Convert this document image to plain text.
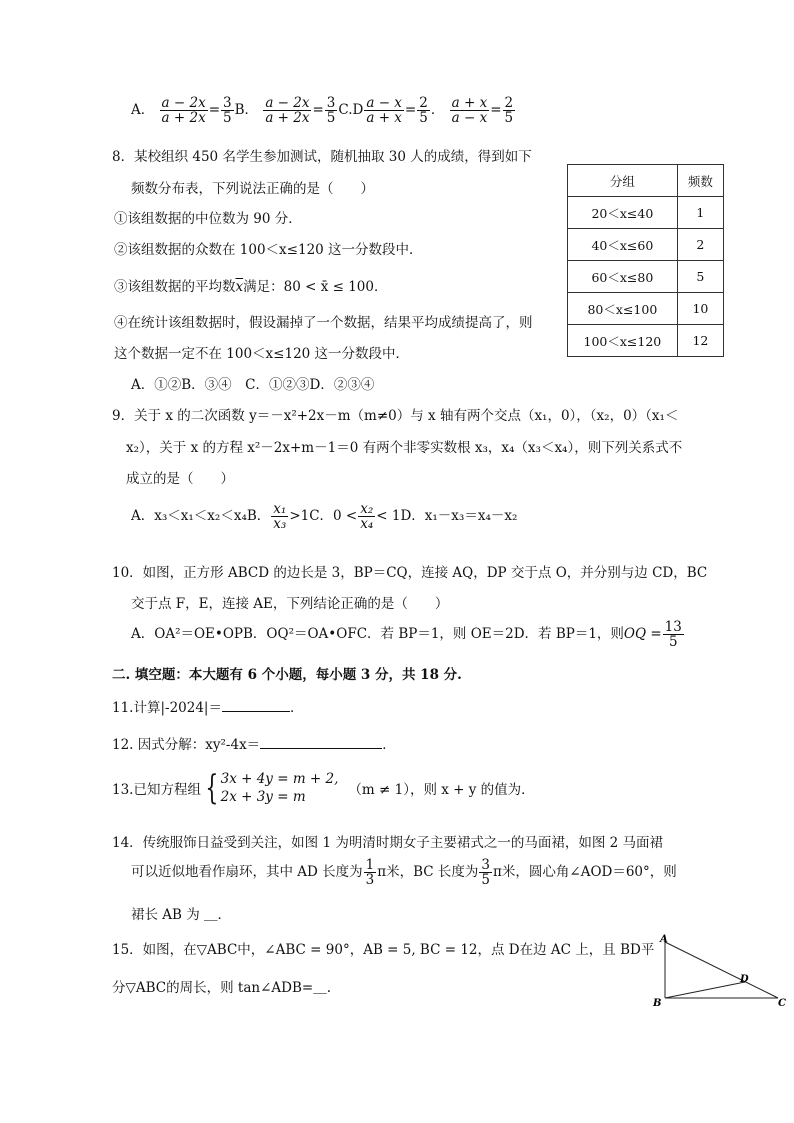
A． $\frac{a - 2x}{a + 2x} = \frac{3}{5}$ B． $\frac{a - 2x}{a + 2x} = \frac{3}{5} C.D \frac{a - x}{a + x} = \frac{2}{5}$ ． $\frac{a + x}{a - x} = \frac{2}{5}$
8．某校组织 450 名学生参加测试，随机抽取 30 人的成绩，得到如下
频数分布表，下列说法正确的是（　　）
①该组数据的中位数为 90 分．
②该组数据的众数在 100＜x≤120 这一分数段中．
③该组数据的平均数$\overline{x}$满足：80 < x̄ ≤ 100．
④在统计该组数据时，假设漏掉了一个数据，结果平均成绩提高了，则
这个数据一定不在 100＜x≤120 这一分数段中．
A．①②B．③④　C．①②③D．②③④
分组	频数
20＜x≤40	1
40＜x≤60	2
60＜x≤80	5
80＜x≤100	10
100＜x≤120	12
9．关于 x 的二次函数 y＝－x²+2x－m（m≠0）与 x 轴有两个交点（x₁，0），（x₂，0）（x₁＜
x₂），关于 x 的方程 x²－2x+m－1＝0 有两个非零实数根 x₃，x₄（x₃＜x₄），则下列关系式不
成立的是（　　）
A．x₃＜x₁＜x₂＜x₄B． $\frac{\text{x₁}}{\text{x₃}} >1C$．$0 < \frac{\text{x₂}}{\text{x₄}} < 1D$．x₁－x₃＝x₄－x₂
10．如图，正方形 ABCD 的边长是 3，BP＝CQ，连接 AQ，DP 交于点 O，并分别与边 CD，BC
交于点 F，E，连接 AE，下列结论正确的是（　　）
A．OA²＝OE•OPB．OQ²＝OA•OFC．若 BP＝1，则 OE＝2D．若 BP＝1，则OQ = $\frac{13}{5}$
二. 填空题：本大题有 6 个小题，每小题 3 分，共 18 分.
11.计算|-2024|＝	．
12. 因式分解：xy²-4x＝	．
13.已知方程组 { 3x + 4y = m + 2,
2x + 3y = m	（m ≠ 1），则 x + y 的值为．
14．传统服饰日益受到关注，如图 1 为明清时期女子主要裙式之一的马面裙，如图 2 马面裙
可以近似地看作扇环，其中 AD 长度为 $\frac{1}{3}$ π米，BC 长度为 $\frac{3}{5}$ π米，圆心角∠AOD＝60°，则
裙长 AB 为 ＿．
15．如图，在▽ABC中，∠ABC = 90°，AB = 5, BC = 12，点 D在边 AC 上，且 BD平
分▽ABC的周长，则 tan∠ADB=＿.
A
B	C
D
